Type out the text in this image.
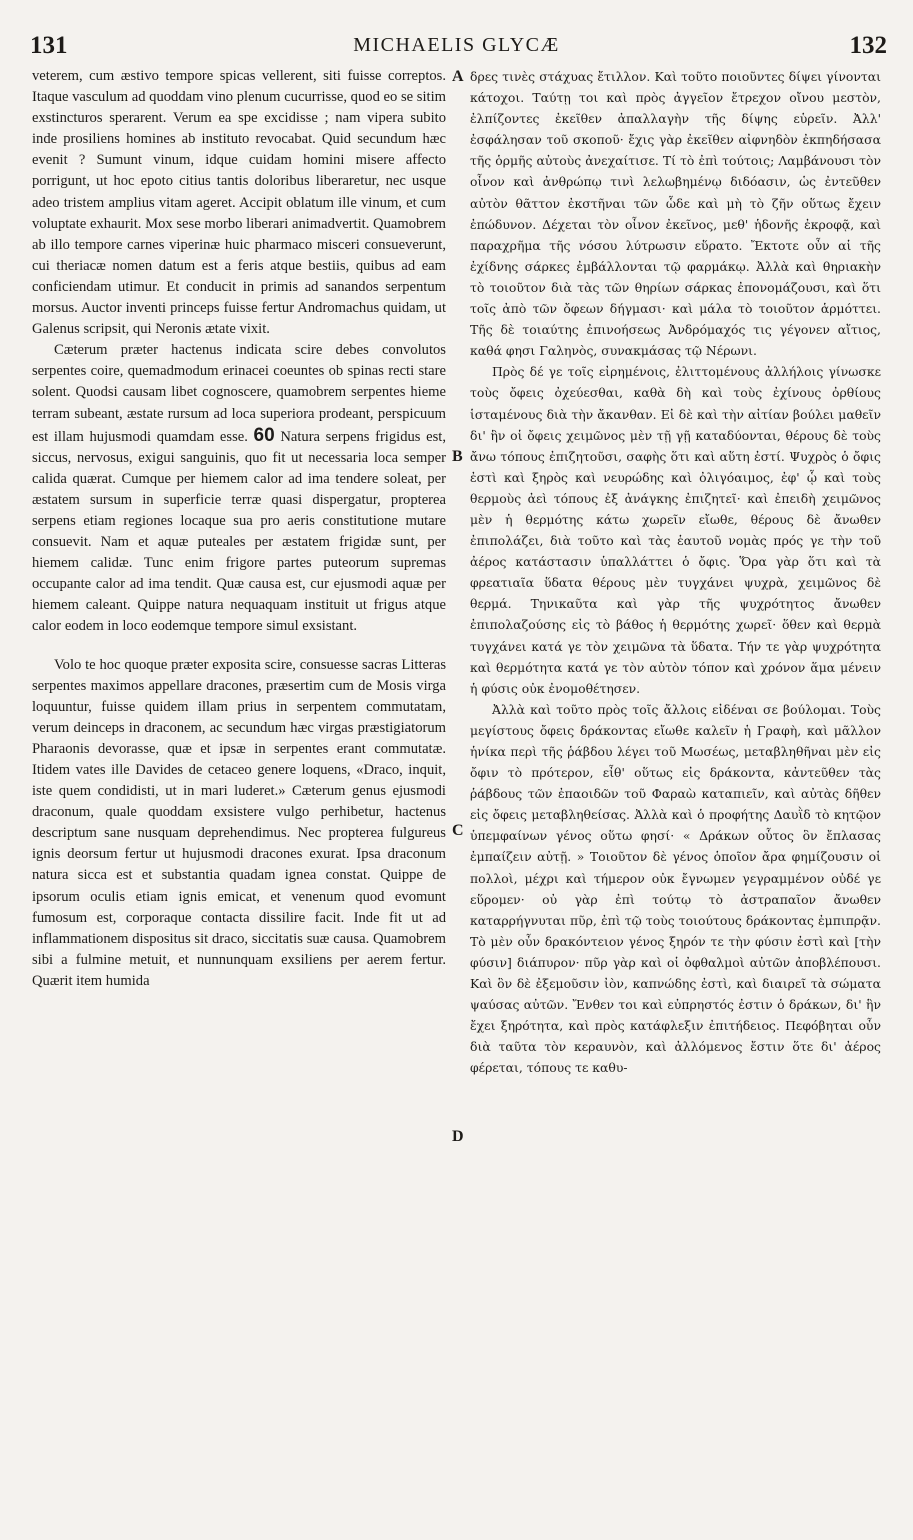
131	MICHAELIS GLYCÆ	132

veterem, cum æstivo tempore spicas vellerent, siti fuisse correptos. Itaque vasculum ad quoddam vino plenum cucurrisse, quod eo se sitim exstincturos sperarent. Verum ea spe excidisse ; nam vipera subito inde prosiliens homines ab instituto revocabat. Quid secundum hæc evenit ? Sumunt vinum, idque cuidam homini misere affecto porrigunt, ut hoc epoto citius tantis doloribus liberaretur, nec usque adeo tristem amplius vitam ageret. Accipit oblatum ille vinum, et cum voluptate exhaurit. Mox sese morbo liberari animadvertit. Quamobrem ab illo tempore carnes viperinæ huic pharmaco misceri consueverunt, cui theriacæ nomen datum est a feris atque bestiis, quibus ad eam conficiendam utimur. Et conducit in primis ad sanandos serpentum morsus. Auctor inventi princeps fuisse fertur Andromachus quidam, ut Galenus scripsit, qui Neronis ætate vixit.

Cæterum præter hactenus indicata scire debes convolutos serpentes coire, quemadmodum erinacei coeuntes ob spinas recti stare solent. Quodsi causam libet cognoscere, quamobrem serpentes hieme terram subeant, æstate rursum ad loca superiora prodeant, perspicuum est illam hujusmodi quamdam esse. 60 Natura serpens frigidus est, siccus, nervosus, exigui sanguinis, quo fit ut necessaria loca semper calida quærat. Cumque per hiemem calor ad ima tendere soleat, per æstatem sursum in superficie terræ quasi dispergatur, propterea serpens etiam regiones locaque sua pro aeris constitutione mutare consuevit. Nam et aquæ puteales per æstatem frigidæ sunt, per hiemem calidæ. Tunc enim frigore partes puteorum supremas occupante calor ad ima tendit. Quæ causa est, cur ejusmodi aquæ per hiemem caleant. Quippe natura nequaquam instituit ut frigus atque calor eodem in loco eodemque tempore simul exsistant.

Volo te hoc quoque præter exposita scire, consuesse sacras Litteras serpentes maximos appellare dracones, præsertim cum de Mosis virga loquuntur, fuisse quidem illam prius in serpentem commutatam, verum deinceps in draconem, ac secundum hæc virgas præstigiatorum Pharaonis devorasse, quæ et ipsæ in serpentes erant commutatæ. Itidem vates ille Davides de cetaceo genere loquens, «Draco, inquit, iste quem condidisti, ut in mari luderet.» Cæterum genus ejusmodi draconum, quale quoddam exsistere vulgo perhibetur, hactenus descriptum sane nusquam deprehendimus. Nec propterea fulgureus ignis deorsum fertur ut hujusmodi dracones exurat. Ipsa draconum natura sicca est et substantia quadam ignea constat. Quippe de ipsorum oculis etiam ignis emicat, et venenum quod evomunt fumosum est, corporaque contacta dissilire facit. Inde fit ut ad inflammationem dispositus sit draco, siccitatis suæ causa. Quamobrem sibi a fulmine metuit, et nunnunquam exsiliens per aerem fertur. Quærit item humida

A
B
C
D

δρες τινὲς στάχυας ἔτιλλον. Καὶ τοῦτο ποιοῦντες δίψει γίνονται κάτοχοι. Ταύτῃ τοι καὶ πρὸς ἀγγεῖον ἔτρεχον οἴνου μεστὸν, ἐλπίζοντες ἐκεῖθεν ἀπαλλαγὴν τῆς δίψης εὑρεῖν. Ἀλλ' ἐσφάλησαν τοῦ σκοποῦ· ἔχις γὰρ ἐκεῖθεν αἰφνηδὸν ἐκπηδήσασα τῆς ὁρμῆς αὐτοὺς ἀνεχαίτισε. Τί τὸ ἐπὶ τούτοις; Λαμβάνουσι τὸν οἶνον καὶ ἀνθρώπῳ τινὶ λελωβημένῳ διδόασιν, ὡς ἐντεῦθεν αὐτὸν θᾶττον ἐκστῆναι τῶν ὧδε καὶ μὴ τὸ ζῆν οὕτως ἔχειν ἐπώδυνον. Δέχεται τὸν οἶνον ἐκεῖνος, μεθ' ἡδονῆς ἐκροφᾷ, καὶ παραχρῆμα τῆς νόσου λύτρωσιν εὕρατο. Ἔκτοτε οὖν αἱ τῆς ἐχίδνης σάρκες ἐμβάλλονται τῷ φαρμάκῳ. Ἀλλὰ καὶ θηριακὴν τὸ τοιοῦτον διὰ τὰς τῶν θηρίων σάρκας ἐπονομάζουσι, καὶ ὅτι τοῖς ἀπὸ τῶν ὄφεων δήγμασι· καὶ μάλα τὸ τοιοῦτον ἁρμόττει. Τῆς δὲ τοιαύτης ἐπινοήσεως Ἀνδρόμαχός τις γέγονεν αἴτιος, καθά φησι Γαληνὸς, συνακμάσας τῷ Νέρωνι.

Πρὸς δέ γε τοῖς εἰρημένοις, ἐλιττομένους ἀλλήλοις γίνωσκε τοὺς ὄφεις ὀχεύεσθαι, καθὰ δὴ καὶ τοὺς ἐχίνους ὀρθίους ἱσταμένους διὰ τὴν ἄκανθαν. Εἰ δὲ καὶ τὴν αἰτίαν βούλει μαθεῖν δι' ἣν οἱ ὄφεις χειμῶνος μὲν τῇ γῇ καταδύονται, θέρους δὲ τοὺς ἄνω τόπους ἐπιζητοῦσι, σαφὴς ὅτι καὶ αὕτη ἐστί. Ψυχρὸς ὁ ὄφις ἐστὶ καὶ ξηρὸς καὶ νευρώδης καὶ ὀλιγόαιμος, ἐφ' ᾧ καὶ τοὺς θερμοὺς ἀεὶ τόπους ἐξ ἀνάγκης ἐπιζητεῖ· καὶ ἐπειδὴ χειμῶνος μὲν ἡ θερμότης κάτω χωρεῖν εἴωθε, θέρους δὲ ἄνωθεν ἐπιπολάζει, διὰ τοῦτο καὶ τὰς ἑαυτοῦ νομὰς πρός γε τὴν τοῦ ἀέρος κατάστασιν ὑπαλλάττει ὁ ὄφις. Ὅρα γὰρ ὅτι καὶ τὰ φρεατιαῖα ὕδατα θέρους μὲν τυγχάνει ψυχρὰ, χειμῶνος δὲ θερμά. Τηνικαῦτα καὶ γὰρ τῆς ψυχρότητος ἄνωθεν ἐπιπολαζούσης εἰς τὸ βάθος ἡ θερμότης χωρεῖ· ὅθεν καὶ θερμὰ τυγχάνει κατά γε τὸν χειμῶνα τὰ ὕδατα. Τήν τε γὰρ ψυχρότητα καὶ θερμότητα κατά γε τὸν αὐτὸν τόπον καὶ χρόνον ἅμα μένειν ἡ φύσις οὐκ ἐνομοθέτησεν.

Ἀλλὰ καὶ τοῦτο πρὸς τοῖς ἄλλοις εἰδέναι σε βούλομαι. Τοὺς μεγίστους ὄφεις δράκοντας εἴωθε καλεῖν ἡ Γραφὴ, καὶ μᾶλλον ἡνίκα περὶ τῆς ῥάβδου λέγει τοῦ Μωσέως, μεταβληθῆναι μὲν εἰς ὄφιν τὸ πρότερον, εἶθ' οὕτως εἰς δράκοντα, κἀντεῦθεν τὰς ῥάβδους τῶν ἐπαοιδῶν τοῦ Φαραὼ καταπιεῖν, καὶ αὐτὰς δῆθεν εἰς ὄφεις μεταβληθείσας. Ἀλλὰ καὶ ὁ προφήτης Δαυῒδ τὸ κητῷον ὑπεμφαίνων γένος οὕτω φησί· « Δράκων οὗτος ὃν ἔπλασας ἐμπαίζειν αὐτῇ. » Τοιοῦτον δὲ γένος ὁποῖον ἄρα φημίζουσιν οἱ πολλοὶ, μέχρι καὶ τήμερον οὐκ ἔγνωμεν γεγραμμένον οὐδέ γε εὕρομεν· οὐ γὰρ ἐπὶ τούτῳ τὸ ἀστραπαῖον ἄνωθεν καταρρήγνυται πῦρ, ἐπὶ τῷ τοὺς τοιούτους δράκοντας ἐμπιπρᾷν. Τὸ μὲν οὖν δρακόντειον γένος ξηρόν τε τὴν φύσιν ἐστὶ καὶ [τὴν φύσιν] διάπυρον· πῦρ γὰρ καὶ οἱ ὀφθαλμοὶ αὐτῶν ἀποβλέπουσι. Καὶ ὃν δὲ ἐξεμοῦσιν ἰὸν, καπνώδης ἐστὶ, καὶ διαιρεῖ τὰ σώματα ψαύσας αὐτῶν. Ἔνθεν τοι καὶ εὐπρηστός ἐστιν ὁ δράκων, δι' ἣν ἔχει ξηρότητα, καὶ πρὸς κατάφλεξιν ἐπιτήδειος. Πεφόβηται οὖν διὰ ταῦτα τὸν κεραυνὸν, καὶ ἀλλόμενος ἔστιν ὅτε δι' ἀέρος φέρεται, τόπους τε καθυ-
